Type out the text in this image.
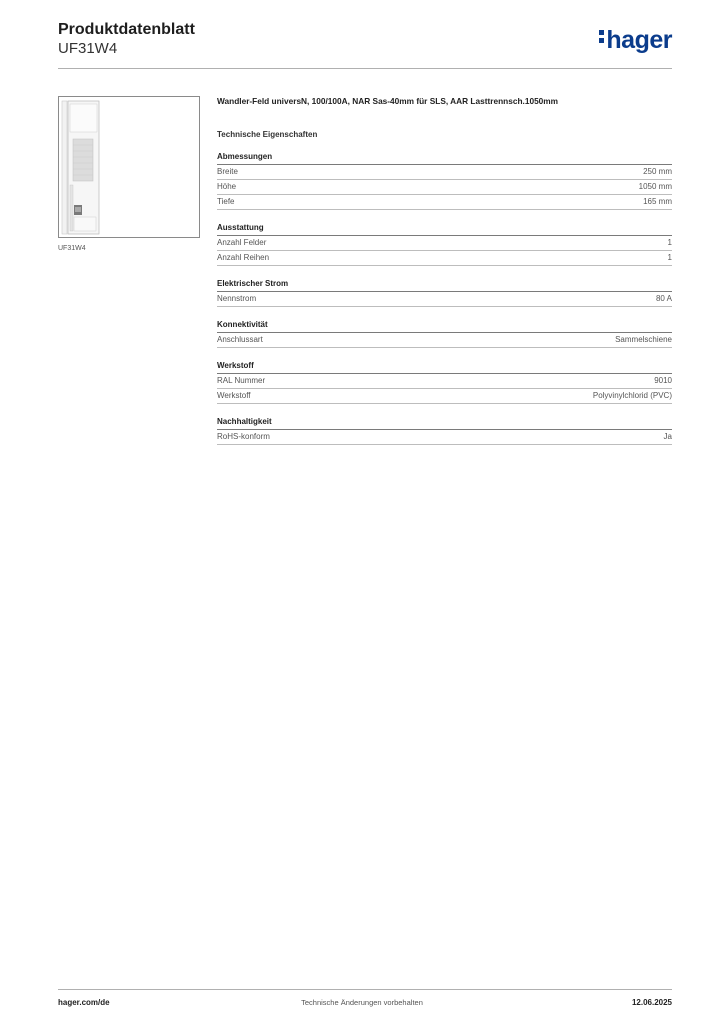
Produktdatenblatt
UF31W4	hager
UF31W4
Wandler-Feld universN, 100/100A, NAR Sas-40mm für SLS, AAR Lasttrennsch.1050mm
Technische Eigenschaften
Abmessungen
Breite	250 mm
Höhe	1050 mm
Tiefe	165 mm
Ausstattung
Anzahl Felder	1
Anzahl Reihen	1
Elektrischer Strom
Nennstrom	80 A
Konnektivität
Anschlussart	Sammelschiene
Werkstoff
RAL Nummer	9010
Werkstoff	Polyvinylchlorid (PVC)
Nachhaltigkeit
RoHS-konform	Ja
hager.com/de	Technische Änderungen vorbehalten	12.06.2025
